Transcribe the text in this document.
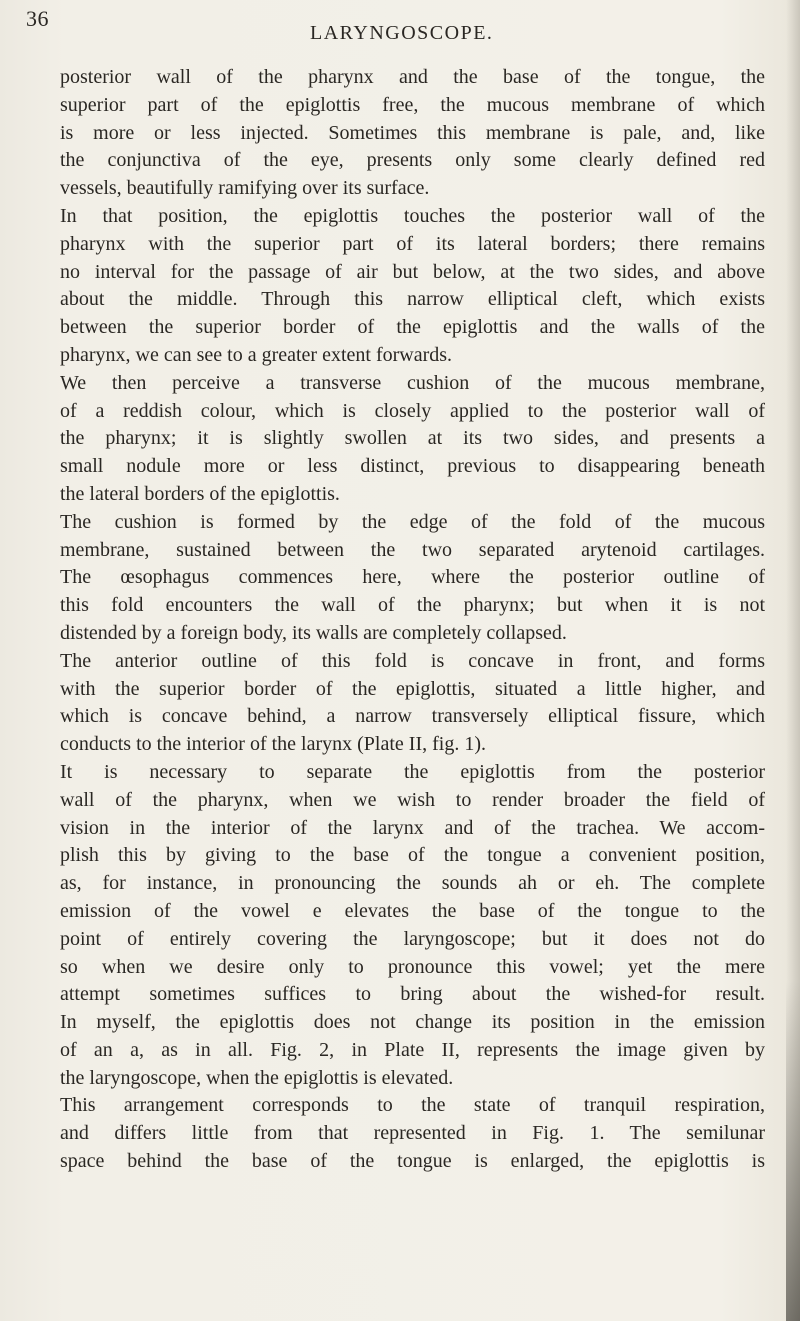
36
LARYNGOSCOPE.
posterior wall of the pharynx and the base of the tongue, the
superior part of the epiglottis free, the mucous membrane of which
is more or less injected. Sometimes this membrane is pale, and, like
the conjunctiva of the eye, presents only some clearly defined red
vessels, beautifully ramifying over its surface.
In that position, the epiglottis touches the posterior wall of the
pharynx with the superior part of its lateral borders; there remains
no interval for the passage of air but below, at the two sides, and above
about the middle. Through this narrow elliptical cleft, which exists
between the superior border of the epiglottis and the walls of the
pharynx, we can see to a greater extent forwards.
We then perceive a transverse cushion of the mucous membrane,
of a reddish colour, which is closely applied to the posterior wall of
the pharynx; it is slightly swollen at its two sides, and presents a
small nodule more or less distinct, previous to disappearing beneath
the lateral borders of the epiglottis.
The cushion is formed by the edge of the fold of the mucous
membrane, sustained between the two separated arytenoid cartilages.
The œsophagus commences here, where the posterior outline of
this fold encounters the wall of the pharynx; but when it is not
distended by a foreign body, its walls are completely collapsed.
The anterior outline of this fold is concave in front, and forms
with the superior border of the epiglottis, situated a little higher, and
which is concave behind, a narrow transversely elliptical fissure, which
conducts to the interior of the larynx (Plate II, fig. 1).
It is necessary to separate the epiglottis from the posterior
wall of the pharynx, when we wish to render broader the field of
vision in the interior of the larynx and of the trachea. We accom-
plish this by giving to the base of the tongue a convenient position,
as, for instance, in pronouncing the sounds ah or eh. The complete
emission of the vowel e elevates the base of the tongue to the
point of entirely covering the laryngoscope; but it does not do
so when we desire only to pronounce this vowel; yet the mere
attempt sometimes suffices to bring about the wished-for result.
In myself, the epiglottis does not change its position in the emission
of an a, as in all. Fig. 2, in Plate II, represents the image given by
the laryngoscope, when the epiglottis is elevated.
This arrangement corresponds to the state of tranquil respiration,
and differs little from that represented in Fig. 1. The semilunar
space behind the base of the tongue is enlarged, the epiglottis is
